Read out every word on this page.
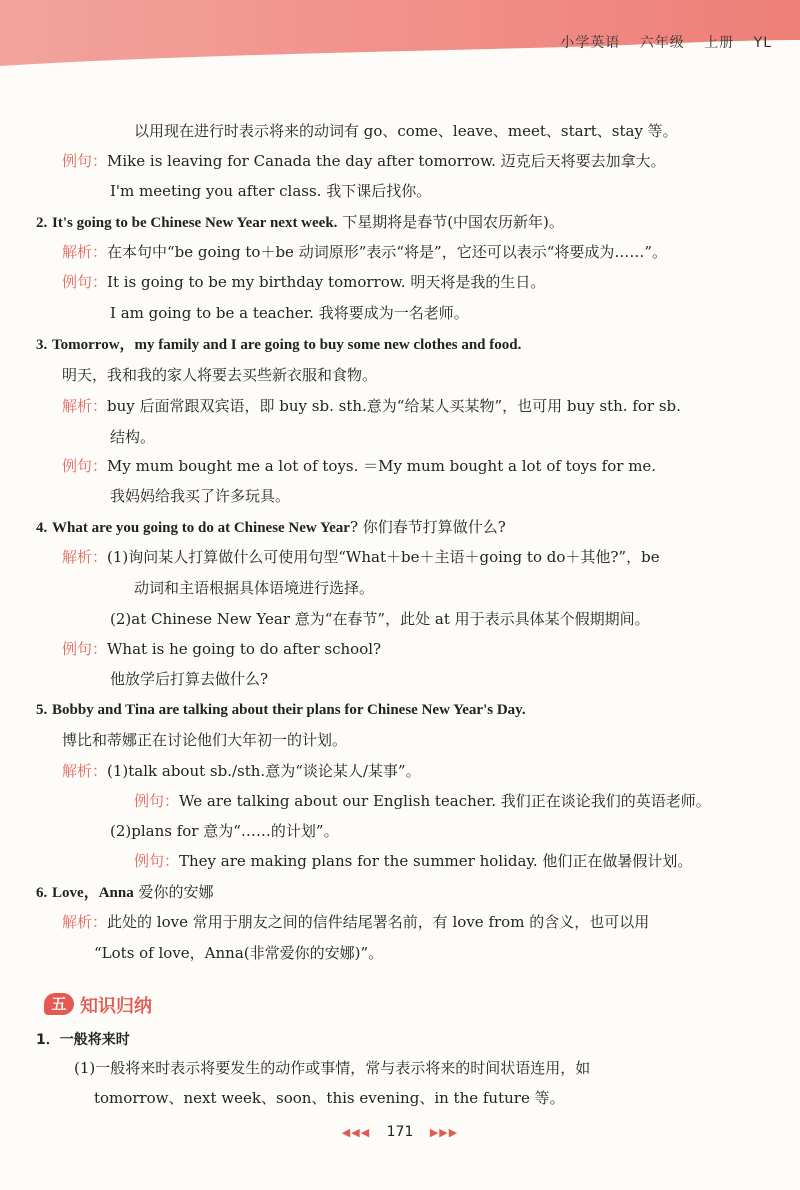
小学英语 六年级 上册 YL
以用现在进行时表示将来的动词有 go、come、leave、meet、start、stay 等。
例句：Mike is leaving for Canada the day after tomorrow. 迈克后天将要去加拿大。
I'm meeting you after class. 我下课后找你。
2. It's going to be Chinese New Year next week. 下星期将是春节(中国农历新年)。
解析：在本句中“be going to＋be 动词原形”表示“将是”，它还可以表示“将要成为……”。
例句：It is going to be my birthday tomorrow. 明天将是我的生日。
I am going to be a teacher. 我将要成为一名老师。
3. Tomorrow，my family and I are going to buy some new clothes and food.
明天，我和我的家人将要去买些新衣服和食物。
解析：buy 后面常跟双宾语，即 buy sb. sth.意为“给某人买某物”，也可用 buy sth. for sb.
结构。
例句：My mum bought me a lot of toys. ＝My mum bought a lot of toys for me.
我妈妈给我买了许多玩具。
4. What are you going to do at Chinese New Year? 你们春节打算做什么?
解析：(1)询问某人打算做什么可使用句型“What＋be＋主语＋going to do＋其他?”，be
动词和主语根据具体语境进行选择。
(2)at Chinese New Year 意为“在春节”，此处 at 用于表示具体某个假期期间。
例句：What is he going to do after school?
他放学后打算去做什么?
5. Bobby and Tina are talking about their plans for Chinese New Year's Day.
博比和蒂娜正在讨论他们大年初一的计划。
解析：(1)talk about sb./sth.意为“谈论某人/某事”。
例句：We are talking about our English teacher. 我们正在谈论我们的英语老师。
(2)plans for 意为“……的计划”。
例句：They are making plans for the summer holiday. 他们正在做暑假计划。
6. Love，Anna 爱你的安娜
解析：此处的 love 常用于朋友之间的信件结尾署名前，有 love from 的含义，也可以用
“Lots of love，Anna(非常爱你的安娜)”。
五 知识归纳
1．一般将来时
(1)一般将来时表示将要发生的动作或事情，常与表示将来的时间状语连用，如
tomorrow、next week、soon、this evening、in the future 等。
◀◀◀ 171 ▶▶▶
